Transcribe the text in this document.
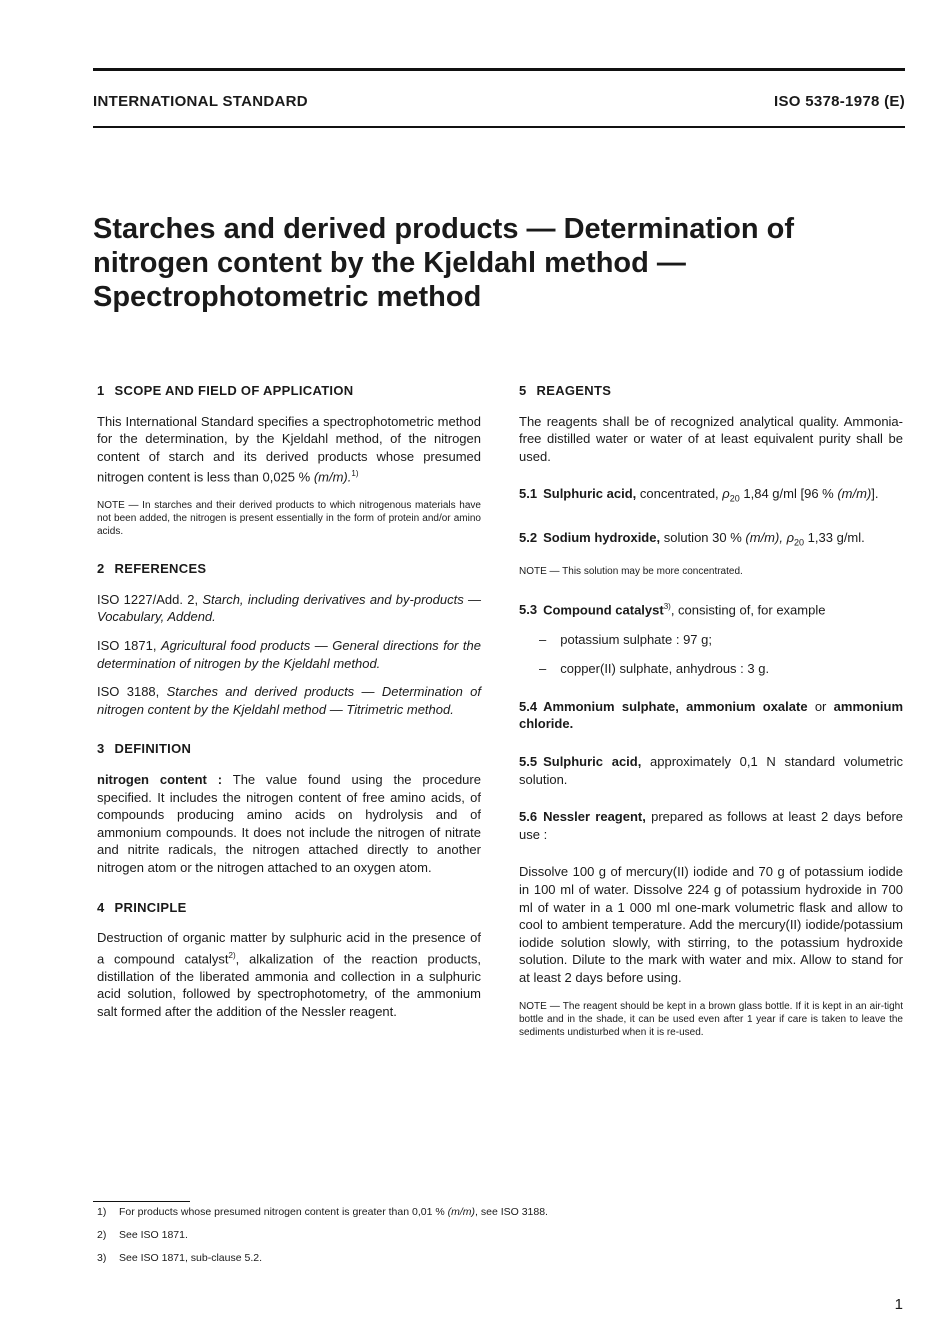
INTERNATIONAL STANDARD	ISO 5378-1978 (E)
Starches and derived products — Determination of nitrogen content by the Kjeldahl method — Spectrophotometric method
1 SCOPE AND FIELD OF APPLICATION

This International Standard specifies a spectrophotometric method for the determination, by the Kjeldahl method, of the nitrogen content of starch and its derived products whose presumed nitrogen content is less than 0,025 % (m/m).$^{1)}$

NOTE — In starches and their derived products to which nitrogenous materials have not been added, the nitrogen is present essentially in the form of protein and/or amino acids.

2 REFERENCES

ISO 1227/Add. 2, Starch, including derivatives and by-products — Vocabulary, Addend.

ISO 1871, Agricultural food products — General directions for the determination of nitrogen by the Kjeldahl method.

ISO 3188, Starches and derived products — Determination of nitrogen content by the Kjeldahl method — Titrimetric method.

3 DEFINITION

nitrogen content : The value found using the procedure specified. It includes the nitrogen content of free amino acids, of compounds producing amino acids on hydrolysis and of ammonium compounds. It does not include the nitrogen of nitrate and nitrite radicals, the nitrogen attached directly to another nitrogen atom or the nitrogen attached to an oxygen atom.

4 PRINCIPLE

Destruction of organic matter by sulphuric acid in the presence of a compound catalyst$^{2)}$, alkalization of the reaction products, distillation of the liberated ammonia and collection in a sulphuric acid solution, followed by spectrophotometry, of the ammonium salt formed after the addition of the Nessler reagent.

5 REAGENTS

The reagents shall be of recognized analytical quality. Ammonia-free distilled water or water of at least equivalent purity shall be used.

5.1 Sulphuric acid, concentrated, $\rho_{20}$ 1,84 g/ml [96 % (m/m)].

5.2 Sodium hydroxide, solution 30 % (m/m), $\rho_{20}$ 1,33 g/ml.

NOTE — This solution may be more concentrated.

5.3 Compound catalyst$^{3)}$, consisting of, for example

– potassium sulphate : 97 g;
– copper(II) sulphate, anhydrous : 3 g.

5.4 Ammonium sulphate, ammonium oxalate or ammonium chloride.

5.5 Sulphuric acid, approximately 0,1 N standard volumetric solution.

5.6 Nessler reagent, prepared as follows at least 2 days before use :

Dissolve 100 g of mercury(II) iodide and 70 g of potassium iodide in 100 ml of water. Dissolve 224 g of potassium hydroxide in 700 ml of water in a 1 000 ml one-mark volumetric flask and allow to cool to ambient temperature. Add the mercury(II) iodide/potassium iodide solution slowly, with stirring, to the potassium hydroxide solution. Dilute to the mark with water and mix. Allow to stand for at least 2 days before using.

NOTE — The reagent should be kept in a brown glass bottle. If it is kept in an air-tight bottle and in the shade, it can be used even after 1 year if care is taken to leave the sediments undisturbed when it is re-used.

1) For products whose presumed nitrogen content is greater than 0,01 % (m/m), see ISO 3188.
2) See ISO 1871.
3) See ISO 1871, sub-clause 5.2.
1
